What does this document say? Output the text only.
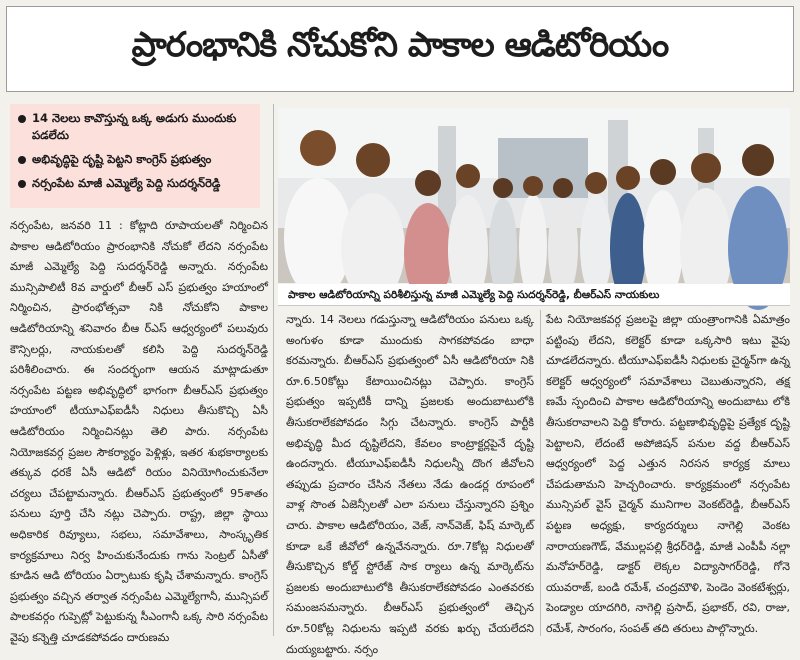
ప్రారంభానికి నోచుకోని పాకాల ఆడిటోరియం
14 నెలలు కావొస్తున్న ఒక్క అడుగు ముందుకు పడలేదు
అభివృద్ధిపై దృష్టి పెట్టని కాంగ్రెస్ ప్రభుత్వం
నర్సంపేట మాజీ ఎమ్మెల్యే పెద్ది సుదర్శన్‌రెడ్డి
పాకాల ఆడిటోరియాన్ని పరిశీలిస్తున్న మాజీ ఎమ్మెల్యే పెద్ది సుదర్శన్‌రెడ్డి, బీఆర్ఎస్ నాయకులు
నర్సంపేట, జనవరి 11 : కోట్లాది రూపాయలతో నిర్మించిన పాకాల ఆడిటోరియం ప్రారంభానికి నోచుకో లేదని నర్సంపేట మాజీ ఎమ్మెల్యే పెద్ది సుదర్శన్‌రెడ్డి అన్నారు. నర్సంపేట మున్సిపాలిటీ 8వ వార్డులో బీఆర్ ఎస్ ప్రభుత్వం హయాంలో నిర్మించిన, ప్రారంభోత్సవా నికి నోచుకోని పాకాల ఆడిటోరియాన్ని శనివారం బీఆ ర్ఎస్ ఆధ్వర్యంలో పలువురు కౌన్సిలర్లు, నాయకులతో కలిసి పెద్ది సుదర్శన్‌రెడ్డి పరిశీలించారు. ఈ సందర్భంగా ఆయన మాట్లాడుతూ నర్సంపేట పట్టణ అభివృద్ధిలో భాగంగా బీఆర్ఎస్ ప్రభుత్వం హయాంలో టీయూఎఫ్ఐడీసీ నిధులు తీసుకొచ్చి ఏసీ ఆడిటోరియం నిర్మించినట్లు తెలి పారు. నర్సంపేట నియోజకవర్గ ప్రజల సౌకర్యార్థం పెళ్లిళ్లు, ఇతర శుభకార్యాలకు తక్కువ ధరకే ఏసీ ఆడిటో రియం వినియోగించుకునేలా చర్యలు చేపట్టామన్నారు. బీఆర్ఎస్ ప్రభుత్వంలో 95శాతం పనులు పూర్తి చేసి నట్లు చెప్పారు. రాష్ట్ర, జిల్లా స్థాయి అధికారిక రివ్యూలు, సభలు, సమావేశాలు, సాంస్కృతిక కార్యక్రమాలు నిర్వ హించుకునేందుకు గాను సెంట్రల్ ఏసీతో కూడిన ఆడి టోరియం ఏర్పాటుకు కృషి చేశామన్నారు. కాంగ్రెస్ ప్రభుత్వం వచ్చిన తర్వాత నర్సంపేట ఎమ్మెల్యేగానీ, మున్సిపల్ పాలకవర్గం గుప్పెట్లో పెట్టుకున్న సీఎంగానీ ఒక్క సారి నర్సంపేట వైపు కన్నెత్తి చూడకపోవడం దారుణమ
న్నారు. 14 నెలలు గడుస్తున్నా ఆడిటోరియం పనులు ఒక్క అంగుళం కూడా ముందుకు సాగకపోవడం బాధా కరమన్నారు. బీఆర్ఎస్ ప్రభుత్వంలో ఏసీ ఆడిటోరియా నికి రూ.6.50కోట్లు కేటాయించినట్లు చెప్పారు. కాంగ్రెస్ ప్రభుత్వం ఇప్పటికీ దాన్ని ప్రజలకు అందుబాటులోకి తీసుకరాలేకపోవడం సిగ్గు చేటన్నారు. కాంగ్రెస్ పార్టీకి అభివృద్ధి మీద దృష్టిలేదని, కేవలం కాంట్రాక్టర్లపైనే దృష్టి ఉందన్నారు. టీయూఎఫ్ఐడీసీ నిధులన్నీ దొంగ జీవోలని తప్పుడు ప్రచారం చేసిన నేతలు నేడు ఉండర్ల రూపంలో వాళ్ల సొంత ఏజెన్సీలతో ఎలా పనులు చేస్తున్నారని ప్రశ్నిం చారు. పాకాల ఆడిటోరియం, వెజ్, నాన్‌వెజ్, ఫిష్ మార్కెట్ కూడా ఒకే జీవోలో ఉన్నవేనన్నారు. రూ.7కోట్ల నిధులతో తీసుకొచ్చిన కోల్డ్ స్టోరేజ్ సాక ర్యాలు ఉన్న మార్కెట్‌ను ప్రజలకు అందుబాటులోకి తీసుకరాలేకపోవడం ఎంతవరకు సమంజసమన్నారు. బీఆర్ఎస్ ప్రభుత్వంలో తెచ్చిన రూ.50కోట్ల నిధులను ఇప్పటి వరకు ఖర్చు చేయలేదని దుయ్యబట్టారు. నర్సం
పేట నియోజకవర్గ ప్రజలపై జిల్లా యంత్రాంగానికి ఏమాత్రం పట్టింపు లేదని, కలెక్టర్ కూడా ఒక్కసారి ఇటు వైపు చూడలేదన్నారు. టీయూఎఫ్ఐడీసీ నిధులకు చైర్మన్‌గా ఉన్న కలెక్టర్ ఆధ్వర్యంలో సమావేశాలు చెబుతున్నారని, తక్ష ణమే స్పందించి పాకాల ఆడిటోరియాన్ని అందుబాటు లోకి తీసుకరావాలని పెద్ది కోరారు. పట్టణాభివృద్ధిపై ప్రత్యేక దృష్టి పెట్టాలని, లేదంటే అపోజిషన్ పనుల వద్ద బీఆర్ఎస్ ఆధ్వర్యంలో పెద్ద ఎత్తున నిరసన కార్యక్ర మాలు చేపడుతామని హెచ్చరించారు. కార్యక్రమంలో నర్సంపేట మున్సిపల్ వైస్ చైర్మన్ మునిగాల వెంకట్‌రెడ్డి, బీఆర్ఎస్ పట్టణ అధ్యక్షు, కార్యదర్శులు నాగెల్లి వెంకట నారాయణగౌడ్, వేముల్లపల్లి శ్రీధర్‌రెడ్డి, మాజీ ఎంపీపీ నల్లా మనోహర్‌రెడ్డి, డాక్టర్ లెక్కల విద్యాసాగర్‌రెడ్డి, గోనె యువరాజ్, బండి రమేశ్, చంద్రమౌళి, పెండెం వెంకటేశ్వర్లు, పెండ్యాల యాదగిరి, నాగెల్లి ప్రసాద్, ప్రభాకర్, రవి, రాజు, రమేశ్, సారంగం, సంపత్ తది తరులు పాల్గొన్నారు.
